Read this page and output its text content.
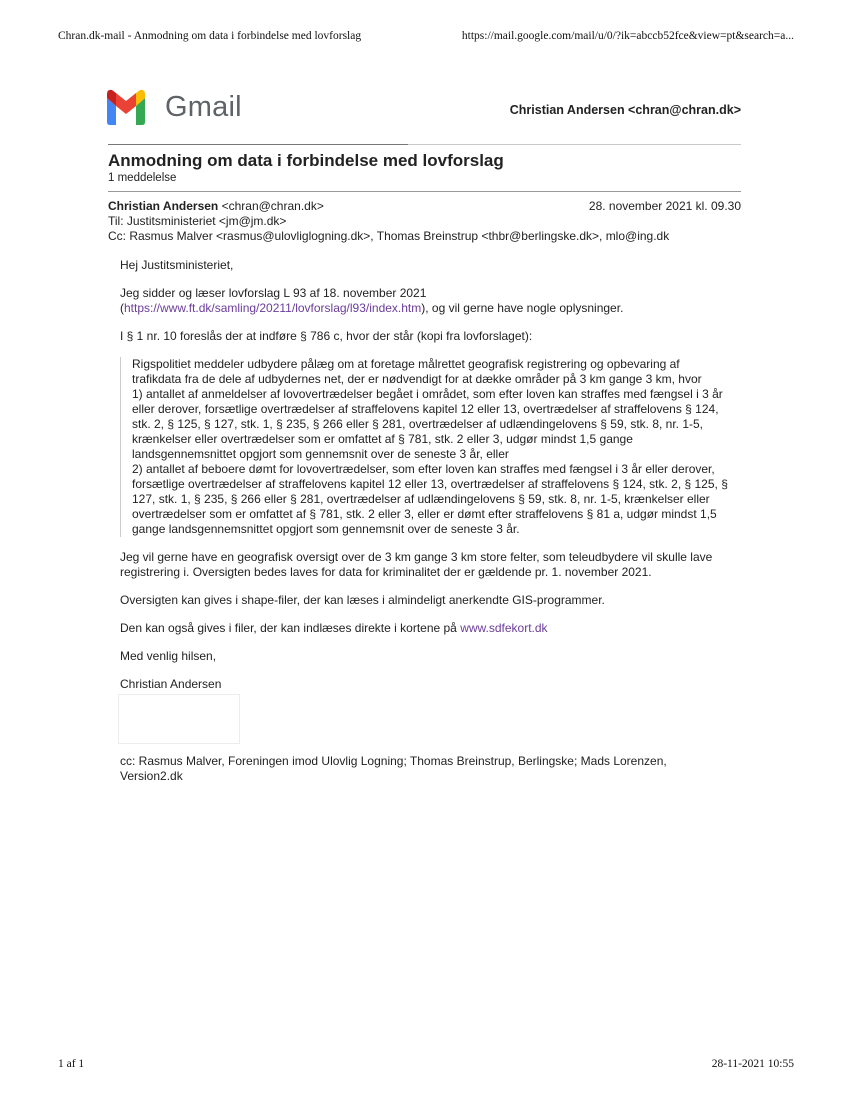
Chran.dk-mail - Anmodning om data i forbindelse med lovforslag	https://mail.google.com/mail/u/0/?ik=abccb52fce&view=pt&search=a...
Gmail	Christian Andersen <chran@chran.dk>
Anmodning om data i forbindelse med lovforslag
1 meddelelse
Christian Andersen <chran@chran.dk>	28. november 2021 kl. 09.30
Til: Justitsministeriet <jm@jm.dk>
Cc: Rasmus Malver <rasmus@ulovliglogning.dk>, Thomas Breinstrup <thbr@berlingske.dk>, mlo@ing.dk

Hej Justitsministeriet,

Jeg sidder og læser lovforslag L 93 af 18. november 2021 (https://www.ft.dk/samling/20211/lovforslag/l93/index.htm), og vil gerne have nogle oplysninger.

I § 1 nr. 10 foreslås der at indføre § 786 c, hvor der står (kopi fra lovforslaget):

Rigspolitiet meddeler udbydere pålæg om at foretage målrettet geografisk registrering og opbevaring af trafikdata fra de dele af udbydernes net, der er nødvendigt for at dække områder på 3 km gange 3 km, hvor
1) antallet af anmeldelser af lovovertrædelser begået i området, som efter loven kan straffes med fængsel i 3 år eller derover, forsætlige overtrædelser af straffelovens kapitel 12 eller 13, overtrædelser af straffelovens § 124, stk. 2, § 125, § 127, stk. 1, § 235, § 266 eller § 281, overtrædelser af udlændingelovens § 59, stk. 8, nr. 1-5, krænkelser eller overtrædelser som er omfattet af § 781, stk. 2 eller 3, udgør mindst 1,5 gange landsgennemsnittet opgjort som gennemsnit over de seneste 3 år, eller
2) antallet af beboere dømt for lovovertrædelser, som efter loven kan straffes med fængsel i 3 år eller derover, forsætlige overtrædelser af straffelovens kapitel 12 eller 13, overtrædelser af straffelovens § 124, stk. 2, § 125, § 127, stk. 1, § 235, § 266 eller § 281, overtrædelser af udlændingelovens § 59, stk. 8, nr. 1-5, krænkelser eller overtrædelser som er omfattet af § 781, stk. 2 eller 3, eller er dømt efter straffelovens § 81 a, udgør mindst 1,5 gange landsgennemsnittet opgjort som gennemsnit over de seneste 3 år.

Jeg vil gerne have en geografisk oversigt over de 3 km gange 3 km store felter, som teleudbydere vil skulle lave registrering i. Oversigten bedes laves for data for kriminalitet der er gældende pr. 1. november 2021.

Oversigten kan gives i shape-filer, der kan læses i almindeligt anerkendte GIS-programmer.

Den kan også gives i filer, der kan indlæses direkte i kortene på www.sdfekort.dk

Med venlig hilsen,

Christian Andersen

cc: Rasmus Malver, Foreningen imod Ulovlig Logning; Thomas Breinstrup, Berlingske; Mads Lorenzen, Version2.dk

1 af 1	28-11-2021 10:55
